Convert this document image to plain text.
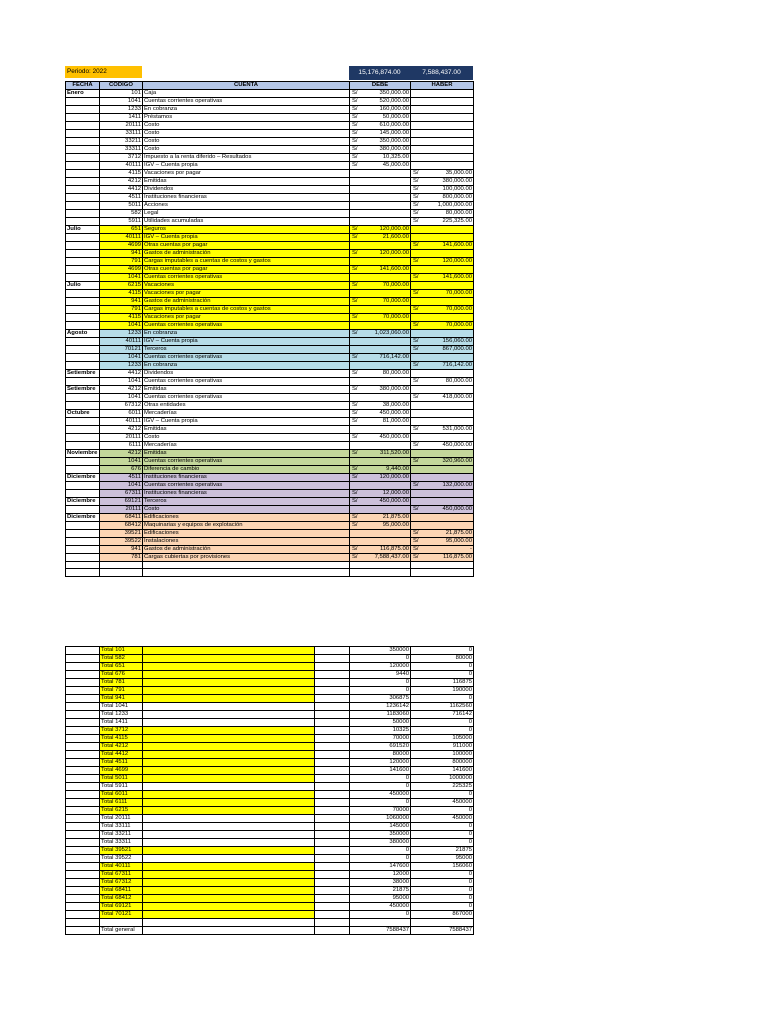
Periodo: 2022	15,176,874.00	7,588,437.00
FECHA	CODIGO	CUENTA	DEBE	HABER
Enero	101	Caja	S/ 350,000.00	

	1041	Cuentas corrientes operativas	S/ 520,000.00	

	1233	En cobranza	S/ 160,000.00	

	1411	Préstamos	S/ 50,000.00	

	20111	Costo	S/ 610,000.00	

	33111	Costo	S/ 145,000.00	

	33211	Costo	S/ 350,000.00	

	33311	Costo	S/ 380,000.00	

	3712	Impuesto a la renta diferido – Resultados	S/ 10,325.00	

	40111	IGV – Cuenta propia	S/ 45,000.00	

	4115	Vacaciones por pagar		S/ 35,000.00

	4212	Emitidas		S/ 380,000.00

	4412	Dividendos		S/ 100,000.00

	4511	Instituciones financieras		S/ 800,000.00

	5011	Acciones		S/ 1,000,000.00

	582	Legal		S/ 80,000.00

	5911	Utilidades acumuladas		S/ 225,325.00

Julio	651	Seguros	S/ 120,000.00	

	40111	IGV – Cuenta propia	S/ 21,600.00	

	4699	Otras cuentas por pagar		S/ 141,600.00

	941	Gastos de administración	S/ 120,000.00	

	791	Cargas imputables a cuentas de costos y gastos		S/ 120,000.00

	4699	Otras cuentas por pagar	S/ 141,600.00	

	1041	Cuentas corrientes operativas		S/ 141,600.00

Julio	6215	Vacaciones	S/ 70,000.00	

	4115	Vacaciones por pagar		S/ 70,000.00

	941	Gastos de administración	S/ 70,000.00	

	791	Cargas imputables a cuentas de costos y gastos		S/ 70,000.00

	4115	Vacaciones por pagar	S/ 70,000.00	

	1041	Cuentas corrientes operativas		S/ 70,000.00

Agosto	1233	En cobranza	S/ 1,023,060.00	

	40111	IGV – Cuenta propia		S/ 156,060.00

	70121	Terceros		S/ 867,000.00

	1041	Cuentas corrientes operativas	S/ 716,142.00	

	1233	En cobranza		S/ 716,142.00

Setiembre	4412	Dividendos	S/ 80,000.00	

	1041	Cuentas corrientes operativas		S/ 80,000.00

Setiembre	4212	Emitidas	S/ 380,000.00	

	1041	Cuentas corrientes operativas		S/ 418,000.00

	67312	Otras entidades	S/ 38,000.00	

Octubre	6011	Mercaderías	S/ 450,000.00	

	40111	IGV – Cuenta propia	S/ 81,000.00	

	4212	Emitidas		S/ 531,000.00

	20111	Costo	S/ 450,000.00	

	6111	Mercaderías		S/ 450,000.00

Noviembre	4212	Emitidas	S/ 311,520.00	

	1041	Cuentas corrientes operativas		S/ 320,960.00

	676	Diferencia de cambio	S/ 9,440.00	

Diciembre	4511	Instituciones financieras	S/ 120,000.00	

	1041	Cuentas corrientes operativas		S/ 132,000.00

	67311	Instituciones financieras	S/ 12,000.00	

Diciembre	69121	Terceros	S/ 450,000.00	

	20111	Costo		S/ 450,000.00

Diciembre	68411	Edificaciones	S/ 21,875.00	

	68412	Maquinarias y equipos de explotación	S/ 95,000.00	

	39521	Edificaciones		S/ 21,875.00

	39522	Instalaciones		S/ 95,000.00

	941	Gastos de administración	S/ 116,875.00	S/ -

	781	Cargas cubiertas por provisiones	S/ 7,588,437.00	S/ 116,875.00

	Total 101			350000	0
	Total 582			0	80000
	Total 651			120000	0
	Total 676			9440	0
	Total 781			0	116875
	Total 791			0	190000
	Total 941			306875	0
	Total 1041			1236142	1162560
	Total 1233			1183060	716142
	Total 1411			50000	0
	Total 3712			10325	0
	Total 4115			70000	105000
	Total 4212			691520	911000
	Total 4412			80000	100000
	Total 4511			120000	800000
	Total 4699			141600	141600
	Total 5011			0	1000000
	Total 5911			0	225325
	Total 6011			450000	0
	Total 6111			0	450000
	Total 6215			70000	0
	Total 20111			1060000	450000
	Total 33111			145000	0
	Total 33211			350000	0
	Total 33311			380000	0
	Total 39521			0	21875
	Total 39522			0	95000
	Total 40111			147600	156060
	Total 67311			12000	0
	Total 67312			38000	0
	Total 68411			21875	0
	Total 68412			95000	0
	Total 69121			450000	0
	Total 70121			0	867000

	Total general			7588437	7588437
